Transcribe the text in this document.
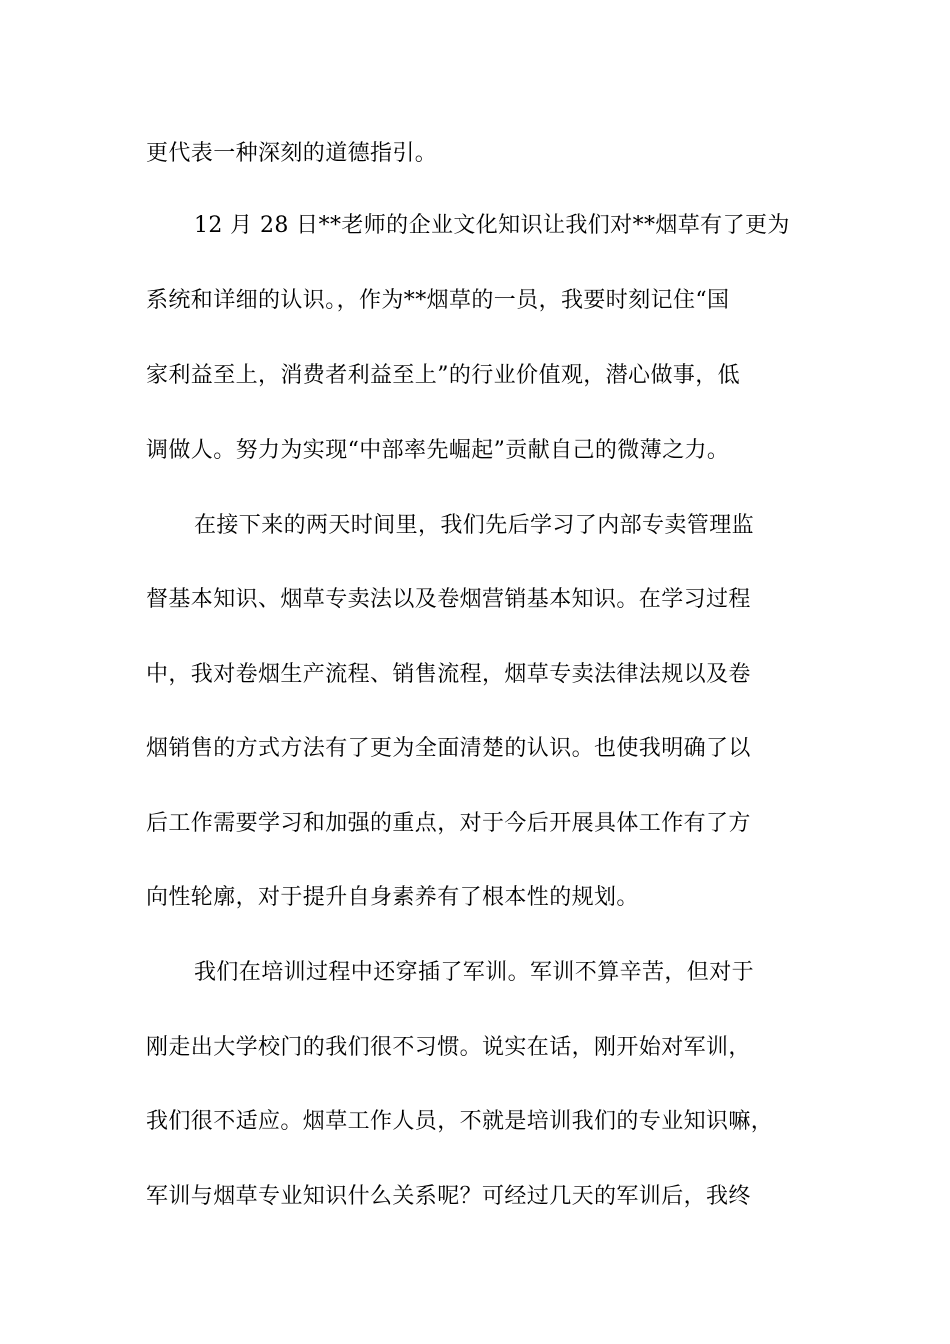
更代表一种深刻的道德指引。
12 月 28 日**老师的企业文化知识让我们对**烟草有了更为
系统和详细的认识。，作为**烟草的一员，我要时刻记住“国
家利益至上，消费者利益至上”的行业价值观，潜心做事，低
调做人。努力为实现“中部率先崛起”贡献自己的微薄之力。
在接下来的两天时间里，我们先后学习了内部专卖管理监
督基本知识、烟草专卖法以及卷烟营销基本知识。在学习过程
中，我对卷烟生产流程、销售流程，烟草专卖法律法规以及卷
烟销售的方式方法有了更为全面清楚的认识。也使我明确了以
后工作需要学习和加强的重点，对于今后开展具体工作有了方
向性轮廓，对于提升自身素养有了根本性的规划。
我们在培训过程中还穿插了军训。军训不算辛苦，但对于
刚走出大学校门的我们很不习惯。说实在话，刚开始对军训，
我们很不适应。烟草工作人员，不就是培训我们的专业知识嘛，
军训与烟草专业知识什么关系呢？可经过几天的军训后，我终
